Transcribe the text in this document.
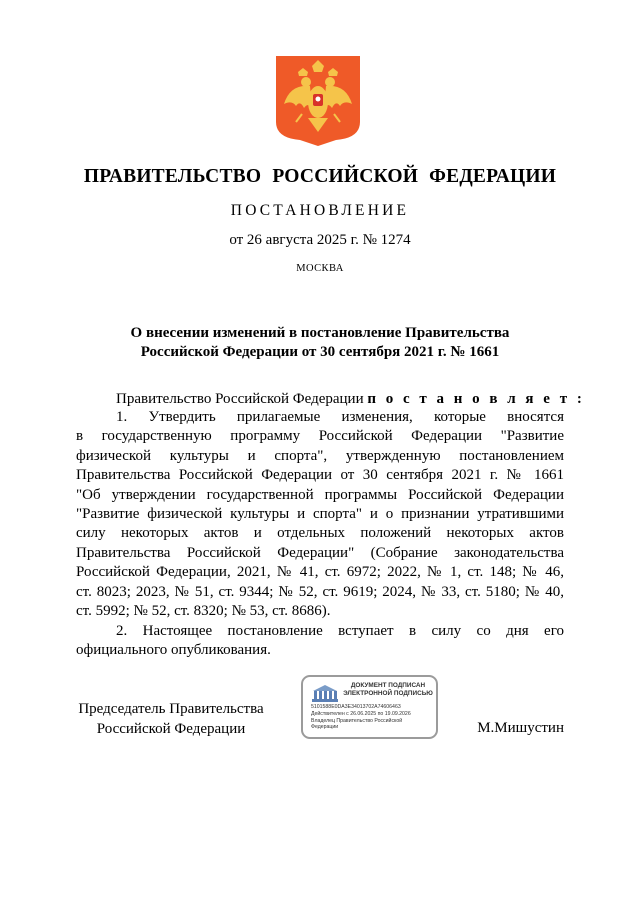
ПРАВИТЕЛЬСТВО РОССИЙСКОЙ ФЕДЕРАЦИИ
ПОСТАНОВЛЕНИЕ
от 26 августа 2025 г. № 1274
МОСКВА
О внесении изменений в постановление Правительства
Российской Федерации от 30 сентября 2021 г. № 1661
Правительство Российской Федерации п о с т а н о в л я е т :
1. Утвердить прилагаемые изменения, которые вносятся
в государственную программу Российской Федерации "Развитие
физической культуры и спорта", утвержденную постановлением
Правительства Российской Федерации от 30 сентября 2021 г. № 1661
"Об утверждении государственной программы Российской Федерации
"Развитие физической культуры и спорта" и о признании утратившими
силу некоторых актов и отдельных положений некоторых актов
Правительства Российской Федерации" (Собрание законодательства
Российской Федерации, 2021, № 41, ст. 6972; 2022, № 1, ст. 148; № 46,
ст. 8023; 2023, № 51, ст. 9344; № 52, ст. 9619; 2024, № 33, ст. 5180; № 40,
ст. 5992; № 52, ст. 8320; № 53, ст. 8686).
2. Настоящее постановление вступает в силу со дня его
официального опубликования.
Председатель Правительства
Российской Федерации
ДОКУМЕНТ ПОДПИСАН
ЭЛЕКТРОННОЙ ПОДПИСЬЮ
5101588E0DA3E34013702A74606463
Действителен с 26.06.2025 по 19.09.2026
Владелец Правительство Российской
Федерации	М.Мишустин
